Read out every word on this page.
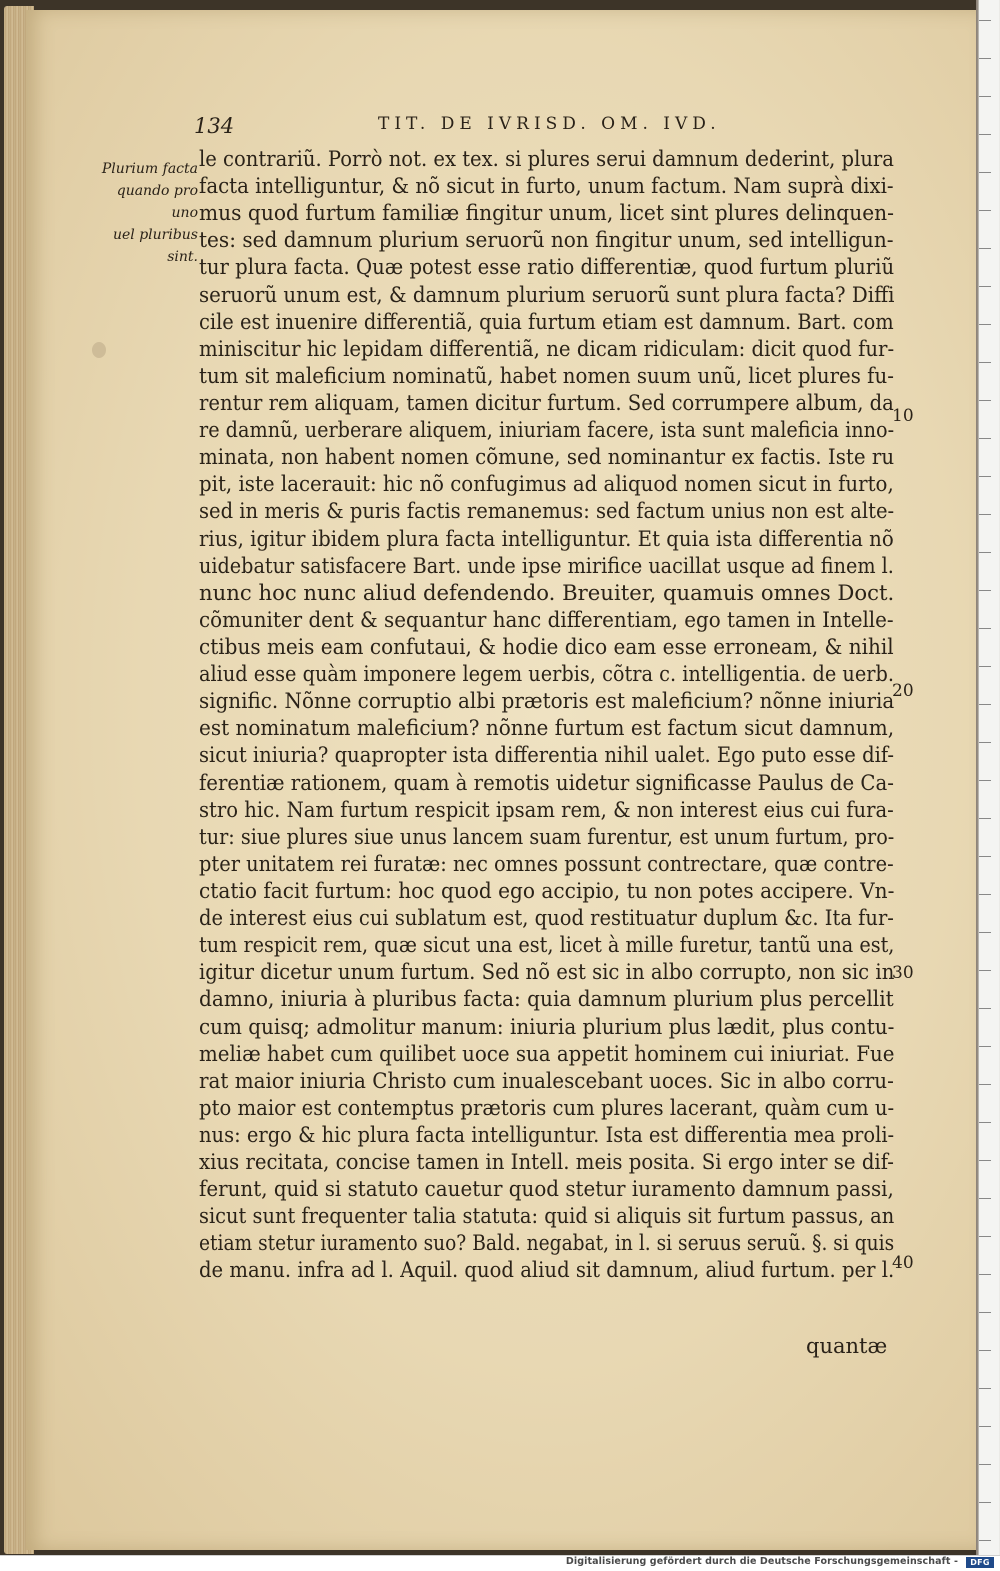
134	TIT. DE IVRISD. OM. IVD.
Plurium facta
quando pro uno
uel pluribus sint.
le contrariũ. Porrò not. ex tex. si plures serui damnum dederint, plura
facta intelliguntur, & nõ sicut in furto, unum factum. Nam suprà dixi-
mus quod furtum familiæ fingitur unum, licet sint plures delinquen-
tes: sed damnum plurium seruorũ non fingitur unum, sed intelligun-
tur plura facta. Quæ potest esse ratio differentiæ, quod furtum pluriũ
seruorũ unum est, & damnum plurium seruorũ sunt plura facta? Diffi
cile est inuenire differentiã, quia furtum etiam est damnum. Bart. com
miniscitur hic lepidam differentiã, ne dicam ridiculam: dicit quod fur-
tum sit maleficium nominatũ, habet nomen suum unũ, licet plures fu-
rentur rem aliquam, tamen dicitur furtum. Sed corrumpere album, da
re damnũ, uerberare aliquem, iniuriam facere, ista sunt maleficia inno-
minata, non habent nomen cõmune, sed nominantur ex factis. Iste ru
pit, iste lacerauit: hic nõ confugimus ad aliquod nomen sicut in furto,
sed in meris & puris factis remanemus: sed factum unius non est alte-
rius, igitur ibidem plura facta intelliguntur. Et quia ista differentia nõ
uidebatur satisfacere Bart. unde ipse mirifice uacillat usque ad finem l.
nunc hoc nunc aliud defendendo. Breuiter, quamuis omnes Doct.
cõmuniter dent & sequantur hanc differentiam, ego tamen in Intelle-
ctibus meis eam confutaui, & hodie dico eam esse erroneam, & nihil
aliud esse quàm imponere legem uerbis, cõtra c. intelligentia. de uerb.
signific. Nõnne corruptio albi prætoris est maleficium? nõnne iniuria
est nominatum maleficium? nõnne furtum est factum sicut damnum,
sicut iniuria? quapropter ista differentia nihil ualet. Ego puto esse dif-
ferentiæ rationem, quam à remotis uidetur significasse Paulus de Ca-
stro hic. Nam furtum respicit ipsam rem, & non interest eius cui fura-
tur: siue plures siue unus lancem suam furentur, est unum furtum, pro-
pter unitatem rei furatæ: nec omnes possunt contrectare, quæ contre-
ctatio facit furtum: hoc quod ego accipio, tu non potes accipere. Vn-
de interest eius cui sublatum est, quod restituatur duplum &c. Ita fur-
tum respicit rem, quæ sicut una est, licet à mille furetur, tantũ una est,
igitur dicetur unum furtum. Sed nõ est sic in albo corrupto, non sic in
damno, iniuria à pluribus facta: quia damnum plurium plus percellit
cum quisq; admolitur manum: iniuria plurium plus lædit, plus contu-
meliæ habet cum quilibet uoce sua appetit hominem cui iniuriat. Fue
rat maior iniuria Christo cum inualescebant uoces. Sic in albo corru-
pto maior est contemptus prætoris cum plures lacerant, quàm cum u-
nus: ergo & hic plura facta intelliguntur. Ista est differentia mea proli-
xius recitata, concise tamen in Intell. meis posita. Si ergo inter se dif-
ferunt, quid si statuto cauetur quod stetur iuramento damnum passi,
sicut sunt frequenter talia statuta: quid si aliquis sit furtum passus, an
etiam stetur iuramento suo? Bald. negabat, in l. si seruus seruũ. §. si quis
de manu. infra ad l. Aquil. quod aliud sit damnum, aliud furtum. per l.
10
20
30
40
quantæ
Digitalisierung gefördert durch die Deutsche Forschungsgemeinschaft -	DFG
